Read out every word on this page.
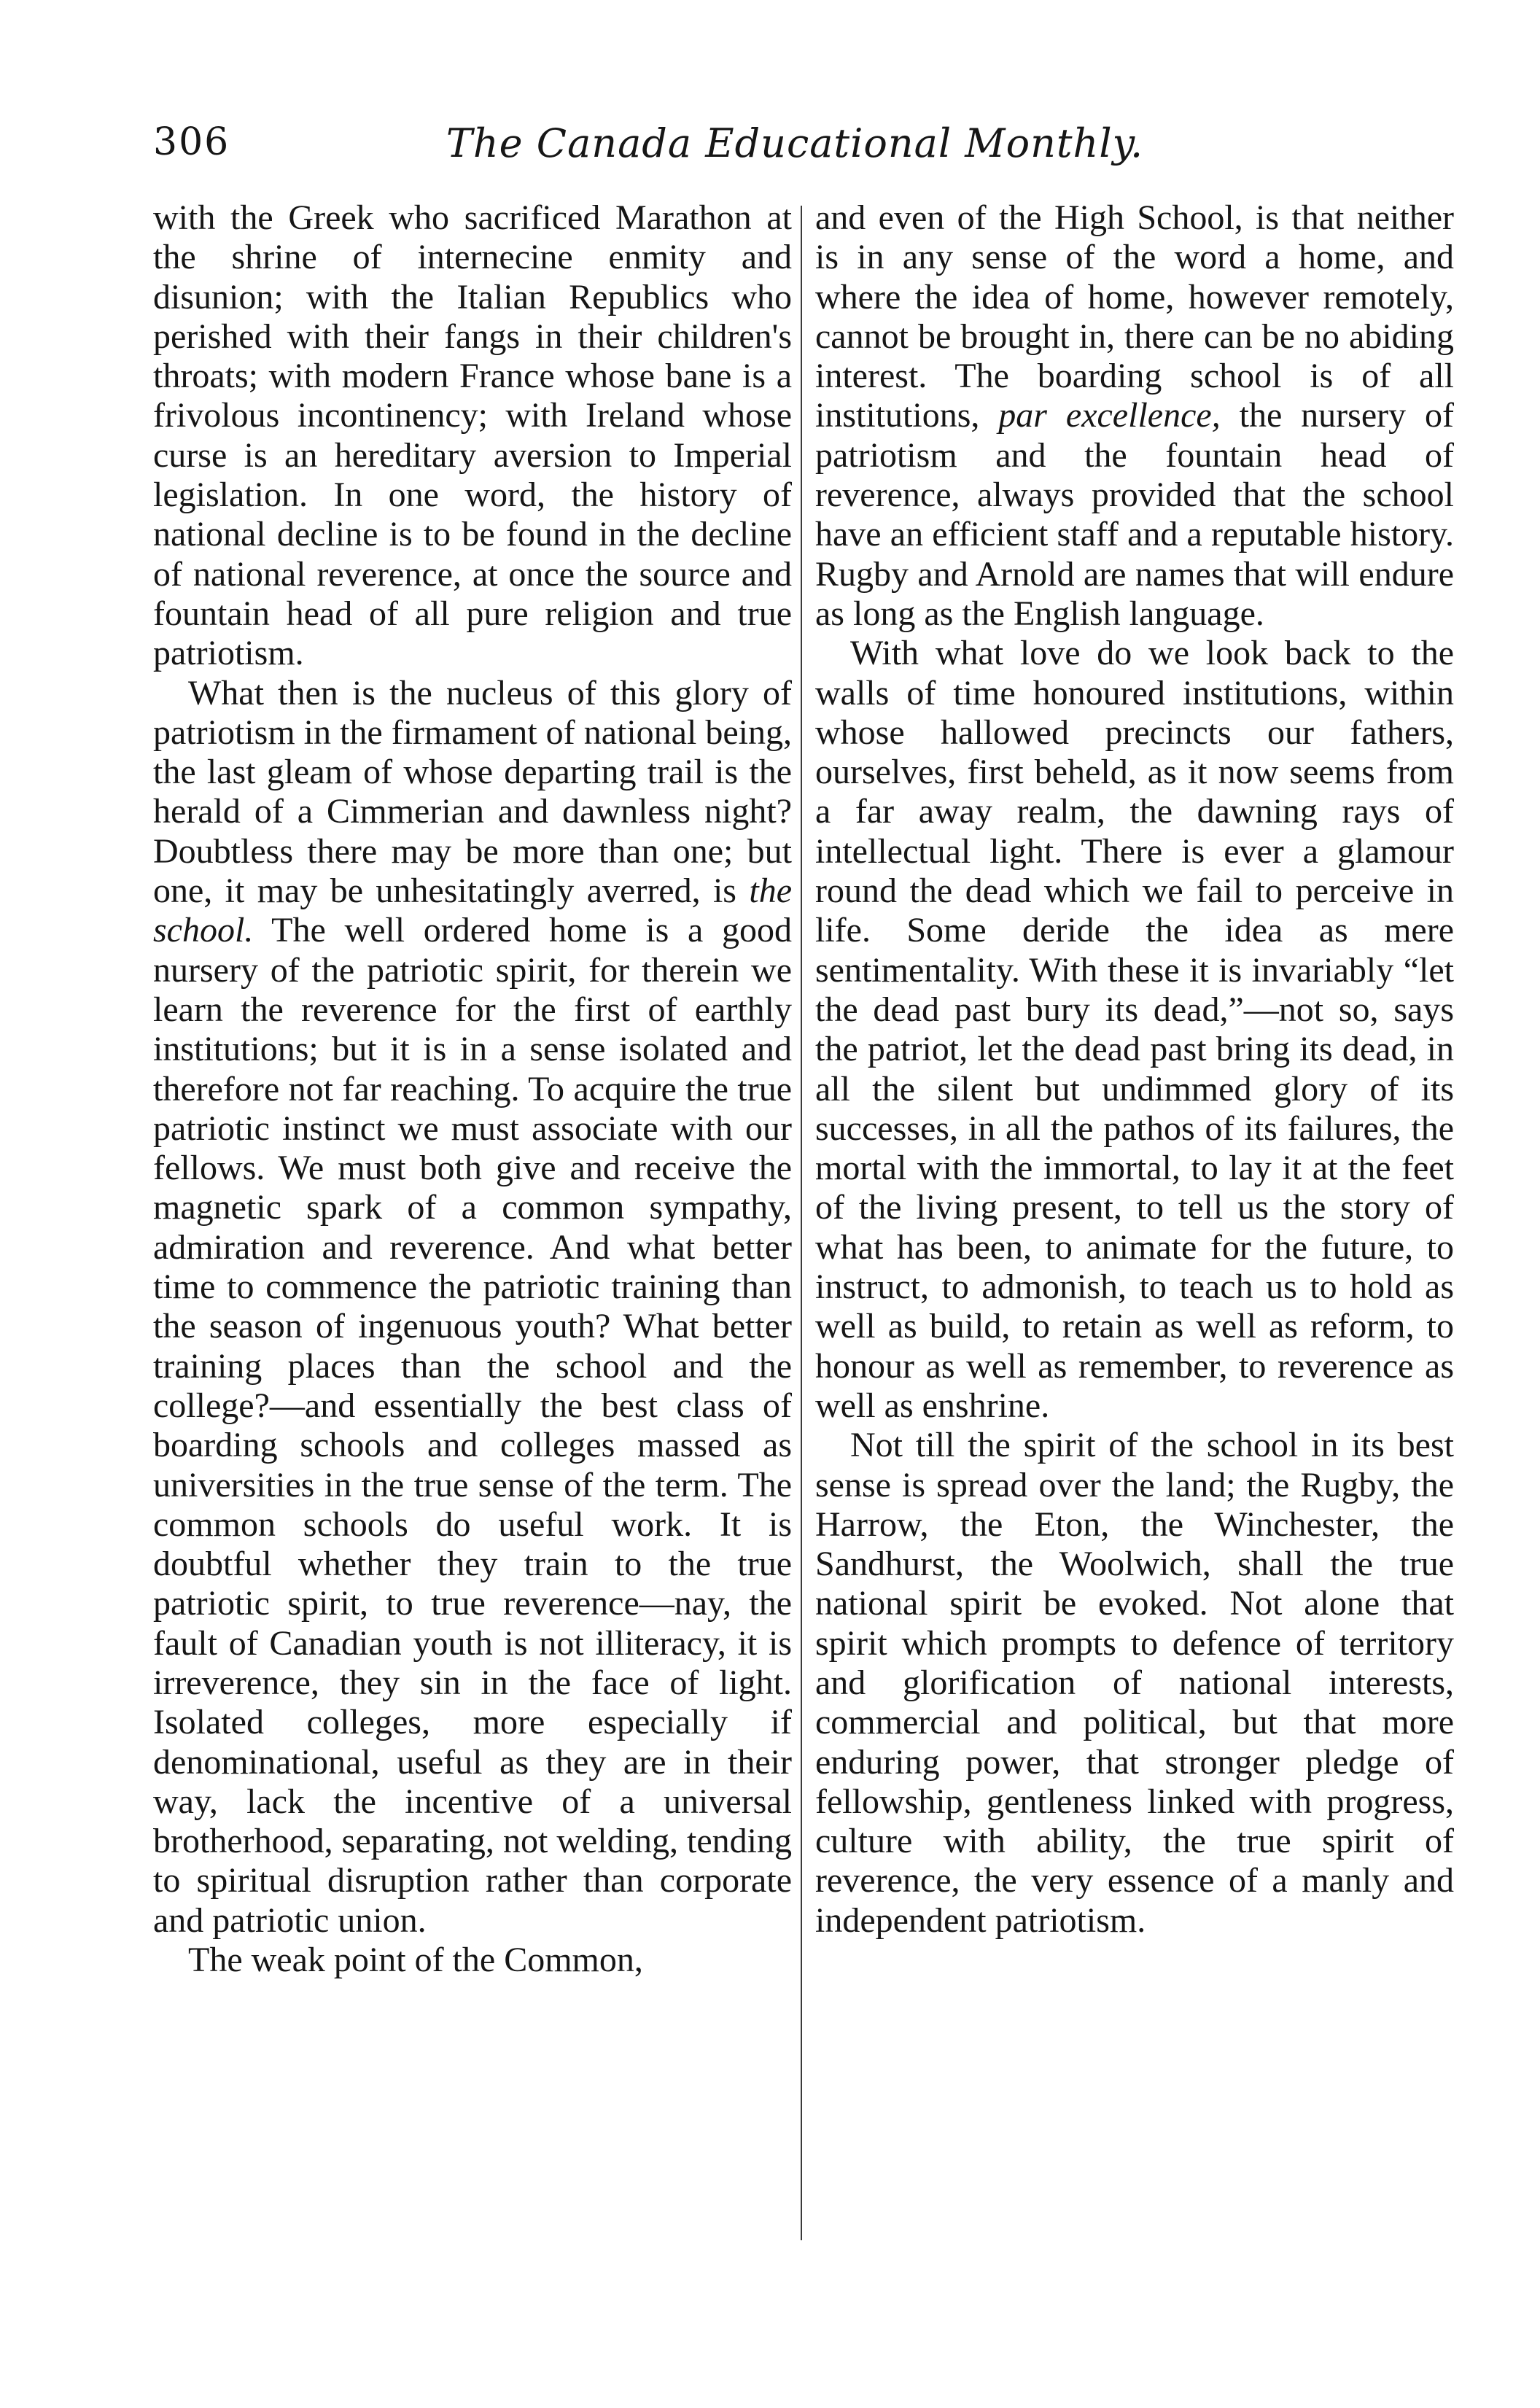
306	The Canada Educational Monthly.

with the Greek who sacrificed Marathon at the shrine of internecine enmity and disunion; with the Italian Republics who perished with their fangs in their children's throats; with modern France whose bane is a frivolous incontinency; with Ireland whose curse is an hereditary aversion to Imperial legislation. In one word, the history of national decline is to be found in the decline of national reverence, at once the source and fountain head of all pure religion and true patriotism.

What then is the nucleus of this glory of patriotism in the firmament of national being, the last gleam of whose departing trail is the herald of a Cimmerian and dawnless night? Doubtless there may be more than one; but one, it may be unhesitatingly averred, is the school. The well ordered home is a good nursery of the patriotic spirit, for therein we learn the reverence for the first of earthly institutions; but it is in a sense isolated and therefore not far reaching. To acquire the true patriotic instinct we must associate with our fellows. We must both give and receive the magnetic spark of a common sympathy, admiration and reverence. And what better time to commence the patriotic training than the season of ingenuous youth? What better training places than the school and the college?—and essentially the best class of boarding schools and colleges massed as universities in the true sense of the term. The common schools do useful work. It is doubtful whether they train to the true patriotic spirit, to true reverence—nay, the fault of Canadian youth is not illiteracy, it is irreverence, they sin in the face of light. Isolated colleges, more especially if denominational, useful as they are in their way, lack the incentive of a universal brotherhood, separating, not welding, tending to spiritual disruption rather than corporate and patriotic union.

The weak point of the Common,

and even of the High School, is that neither is in any sense of the word a home, and where the idea of home, however remotely, cannot be brought in, there can be no abiding interest. The boarding school is of all institutions, par excellence, the nursery of patriotism and the fountain head of reverence, always provided that the school have an efficient staff and a reputable history. Rugby and Arnold are names that will endure as long as the English language.

With what love do we look back to the walls of time honoured institutions, within whose hallowed precincts our fathers, ourselves, first beheld, as it now seems from a far away realm, the dawning rays of intellectual light. There is ever a glamour round the dead which we fail to perceive in life. Some deride the idea as mere sentimentality. With these it is invariably “let the dead past bury its dead,”—not so, says the patriot, let the dead past bring its dead, in all the silent but undimmed glory of its successes, in all the pathos of its failures, the mortal with the immortal, to lay it at the feet of the living present, to tell us the story of what has been, to animate for the future, to instruct, to admonish, to teach us to hold as well as build, to retain as well as reform, to honour as well as remember, to reverence as well as enshrine.

Not till the spirit of the school in its best sense is spread over the land; the Rugby, the Harrow, the Eton, the Winchester, the Sandhurst, the Woolwich, shall the true national spirit be evoked. Not alone that spirit which prompts to defence of territory and glorification of national interests, commercial and political, but that more enduring power, that stronger pledge of fellowship, gentleness linked with progress, culture with ability, the true spirit of reverence, the very essence of a manly and independent patriotism.
